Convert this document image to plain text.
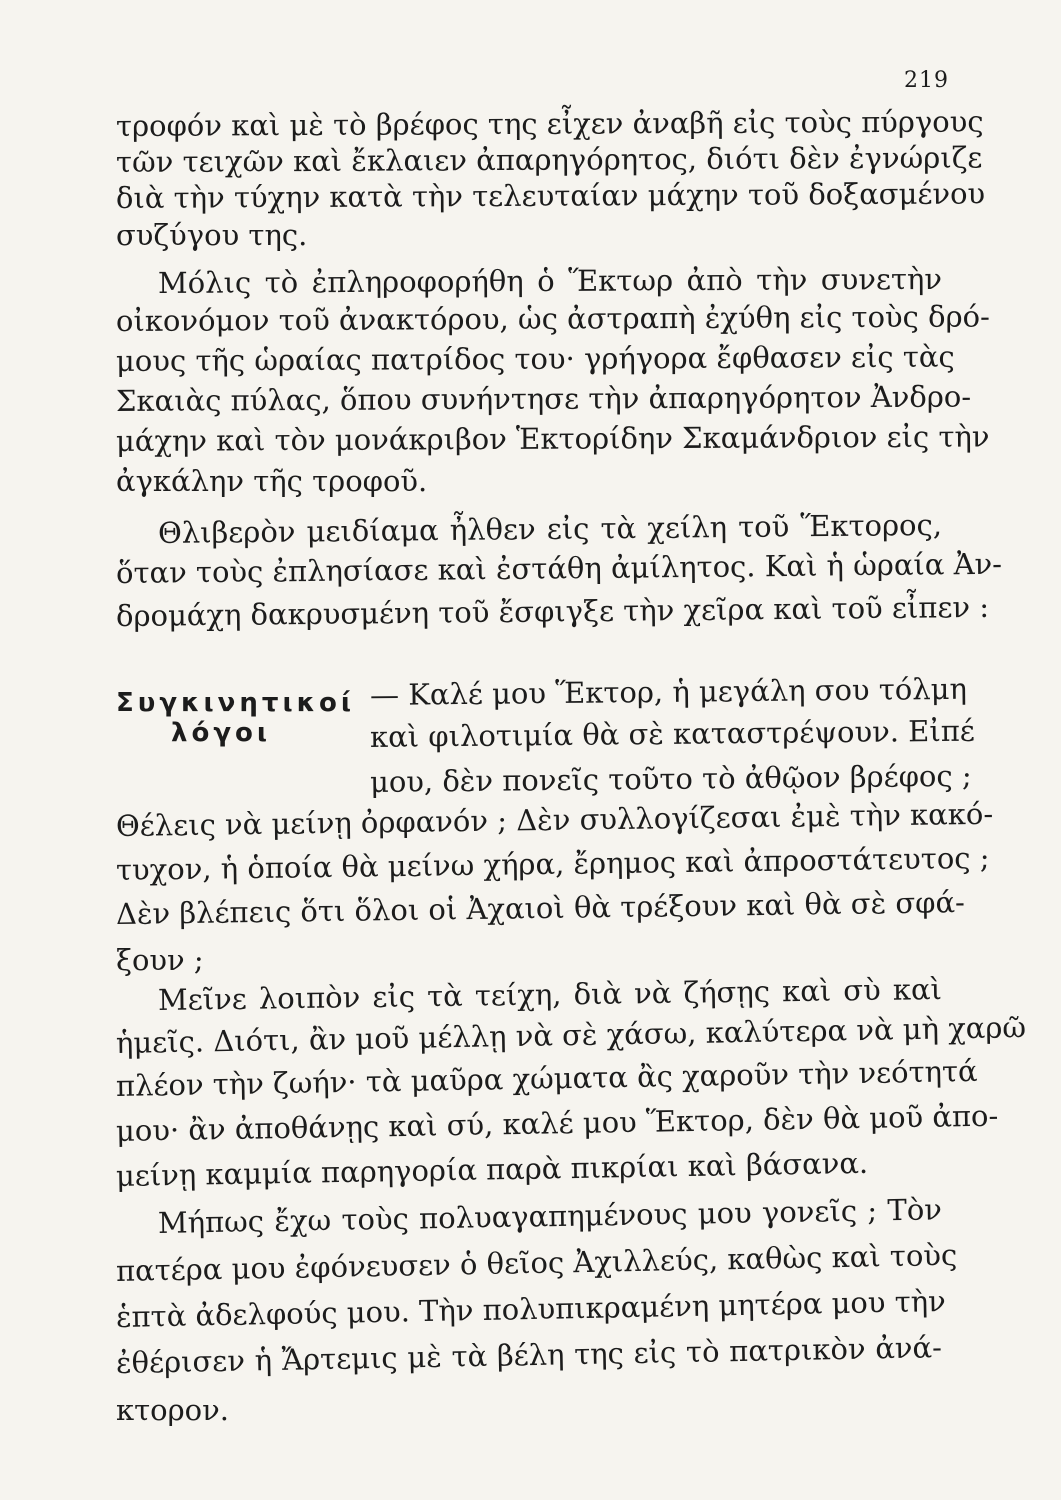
219
Συγκινητικοί
λόγοι
τροφόν καὶ μὲ τὸ βρέφος της εἶχεν ἀναβῆ εἰς τοὺς πύργους
τῶν τειχῶν καὶ ἔκλαιεν ἀπαρηγόρητος, διότι δὲν ἐγνώριζε
διὰ τὴν τύχην κατὰ τὴν τελευταίαν μάχην τοῦ δοξασμένου
συζύγου της.
Μόλις τὸ ἐπληροφορήθη ὁ Ἕκτωρ ἀπὸ τὴν συνετὴν
οἰκονόμον τοῦ ἀνακτόρου, ὡς ἀστραπὴ ἐχύθη εἰς τοὺς δρό-
μους τῆς ὡραίας πατρίδος του· γρήγορα ἔφθασεν εἰς τὰς
Σκαιὰς πύλας, ὅπου συνήντησε τὴν ἀπαρηγόρητον Ἀνδρο-
μάχην καὶ τὸν μονάκριβον Ἑκτορίδην Σκαμάνδριον εἰς τὴν
ἀγκάλην τῆς τροφοῦ.
Θλιβερὸν μειδίαμα ἦλθεν εἰς τὰ χείλη τοῦ Ἕκτορος,
ὅταν τοὺς ἐπλησίασε καὶ ἐστάθη ἀμίλητος. Καὶ ἡ ὡραία Ἀν-
δρομάχη δακρυσμένη τοῦ ἔσφιγξε τὴν χεῖρα καὶ τοῦ εἶπεν :
— Καλέ μου Ἕκτορ, ἡ μεγάλη σου τόλμη
καὶ φιλοτιμία θὰ σὲ καταστρέψουν. Εἰπέ
μου, δὲν πονεῖς τοῦτο τὸ ἀθῷον βρέφος ;
Θέλεις νὰ μείνῃ ὀρφανόν ; Δὲν συλλογίζεσαι ἐμὲ τὴν κακό-
τυχον, ἡ ὁποία θὰ μείνω χήρα, ἔρημος καὶ ἀπροστάτευτος ;
Δὲν βλέπεις ὅτι ὅλοι οἱ Ἀχαιοὶ θὰ τρέξουν καὶ θὰ σὲ σφά-
ξουν ;
Μεῖνε λοιπὸν εἰς τὰ τείχη, διὰ νὰ ζήσῃς καὶ σὺ καὶ
ἡμεῖς. Διότι, ἂν μοῦ μέλλῃ νὰ σὲ χάσω, καλύτερα νὰ μὴ χαρῶ
πλέον τὴν ζωήν· τὰ μαῦρα χώματα ἂς χαροῦν τὴν νεότητά
μου· ἂν ἀποθάνῃς καὶ σύ, καλέ μου Ἕκτορ, δὲν θὰ μοῦ ἀπο-
μείνῃ καμμία παρηγορία παρὰ πικρίαι καὶ βάσανα.
Μήπως ἔχω τοὺς πολυαγαπημένους μου γονεῖς ; Τὸν
πατέρα μου ἐφόνευσεν ὁ θεῖος Ἀχιλλεύς, καθὼς καὶ τοὺς
ἑπτὰ ἀδελφούς μου. Τὴν πολυπικραμένη μητέρα μου τὴν
ἐθέρισεν ἡ Ἄρτεμις μὲ τὰ βέλη της εἰς τὸ πατρικὸν ἀνά-
κτορον.
